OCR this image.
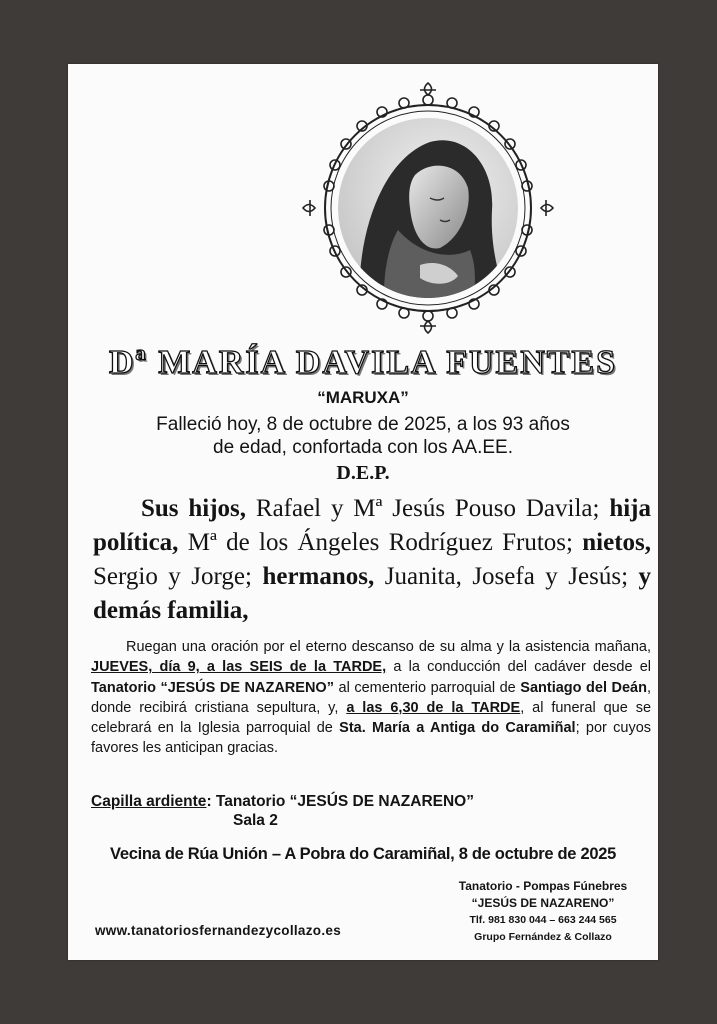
Dª MARÍA DAVILA FUENTES
“MARUXA”
Falleció hoy, 8 de octubre de 2025, a los 93 años
de edad, confortada con los AA.EE.
D.E.P.
Sus hijos, Rafael y Mª Jesús Pouso Davila; hija política, Mª de los Ángeles Rodríguez Frutos; nietos, Sergio y Jorge; hermanos, Juanita, Josefa y Jesús; y demás familia,
Ruegan una oración por el eterno descanso de su alma y la asistencia mañana, JUEVES, día 9, a las SEIS de la TARDE, a la conducción del cadáver desde el Tanatorio “JESÚS DE NAZARENO” al cementerio parroquial de Santiago del Deán, donde recibirá cristiana sepultura, y, a las 6,30 de la TARDE, al funeral que se celebrará en la Iglesia parroquial de Sta. María a Antiga do Caramiñal; por cuyos favores les anticipan gracias.
Capilla ardiente: Tanatorio “JESÚS DE NAZARENO”
Sala 2
Vecina de Rúa Unión – A Pobra do Caramiñal, 8 de octubre de 2025
Tanatorio - Pompas Fúnebres
“JESÚS DE NAZARENO”
Tlf. 981 830 044 – 663 244 565
Grupo Fernández & Collazo
www.tanatoriosfernandezycollazo.es
